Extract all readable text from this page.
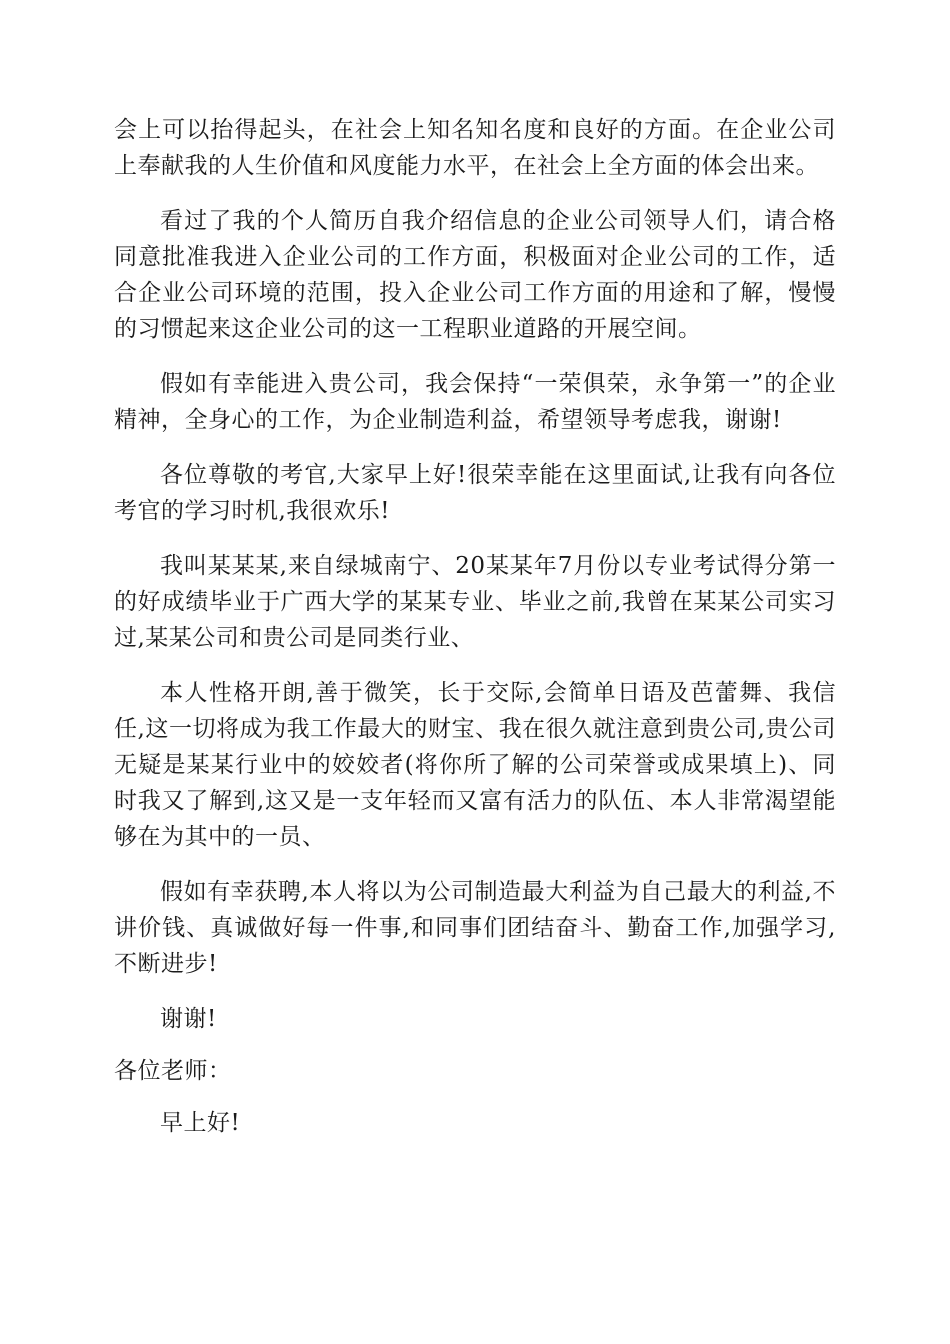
会上可以抬得起头，在社会上知名知名度和良好的方面。在企业公司上奉献我的人生价值和风度能力水平，在社会上全方面的体会出来。

看过了我的个人简历自我介绍信息的企业公司领导人们，请合格同意批准我进入企业公司的工作方面，积极面对企业公司的工作，适合企业公司环境的范围，投入企业公司工作方面的用途和了解，慢慢的习惯起来这企业公司的这一工程职业道路的开展空间。

假如有幸能进入贵公司，我会保持“一荣俱荣，永争第一”的企业精神，全身心的工作，为企业制造利益，希望领导考虑我，谢谢!

各位尊敬的考官,大家早上好!很荣幸能在这里面试,让我有向各位考官的学习时机,我很欢乐!

我叫某某某,来自绿城南宁、20某某年7月份以专业考试得分第一的好成绩毕业于广西大学的某某专业、毕业之前,我曾在某某公司实习过,某某公司和贵公司是同类行业、

本人性格开朗,善于微笑，长于交际,会简单日语及芭蕾舞、我信任,这一切将成为我工作最大的财宝、我在很久就注意到贵公司,贵公司无疑是某某行业中的姣姣者(将你所了解的公司荣誉或成果填上)、同时我又了解到,这又是一支年轻而又富有活力的队伍、本人非常渴望能够在为其中的一员、

假如有幸获聘,本人将以为公司制造最大利益为自己最大的利益,不讲价钱、真诚做好每一件事,和同事们团结奋斗、勤奋工作,加强学习,不断进步!

谢谢!

各位老师：

早上好!
